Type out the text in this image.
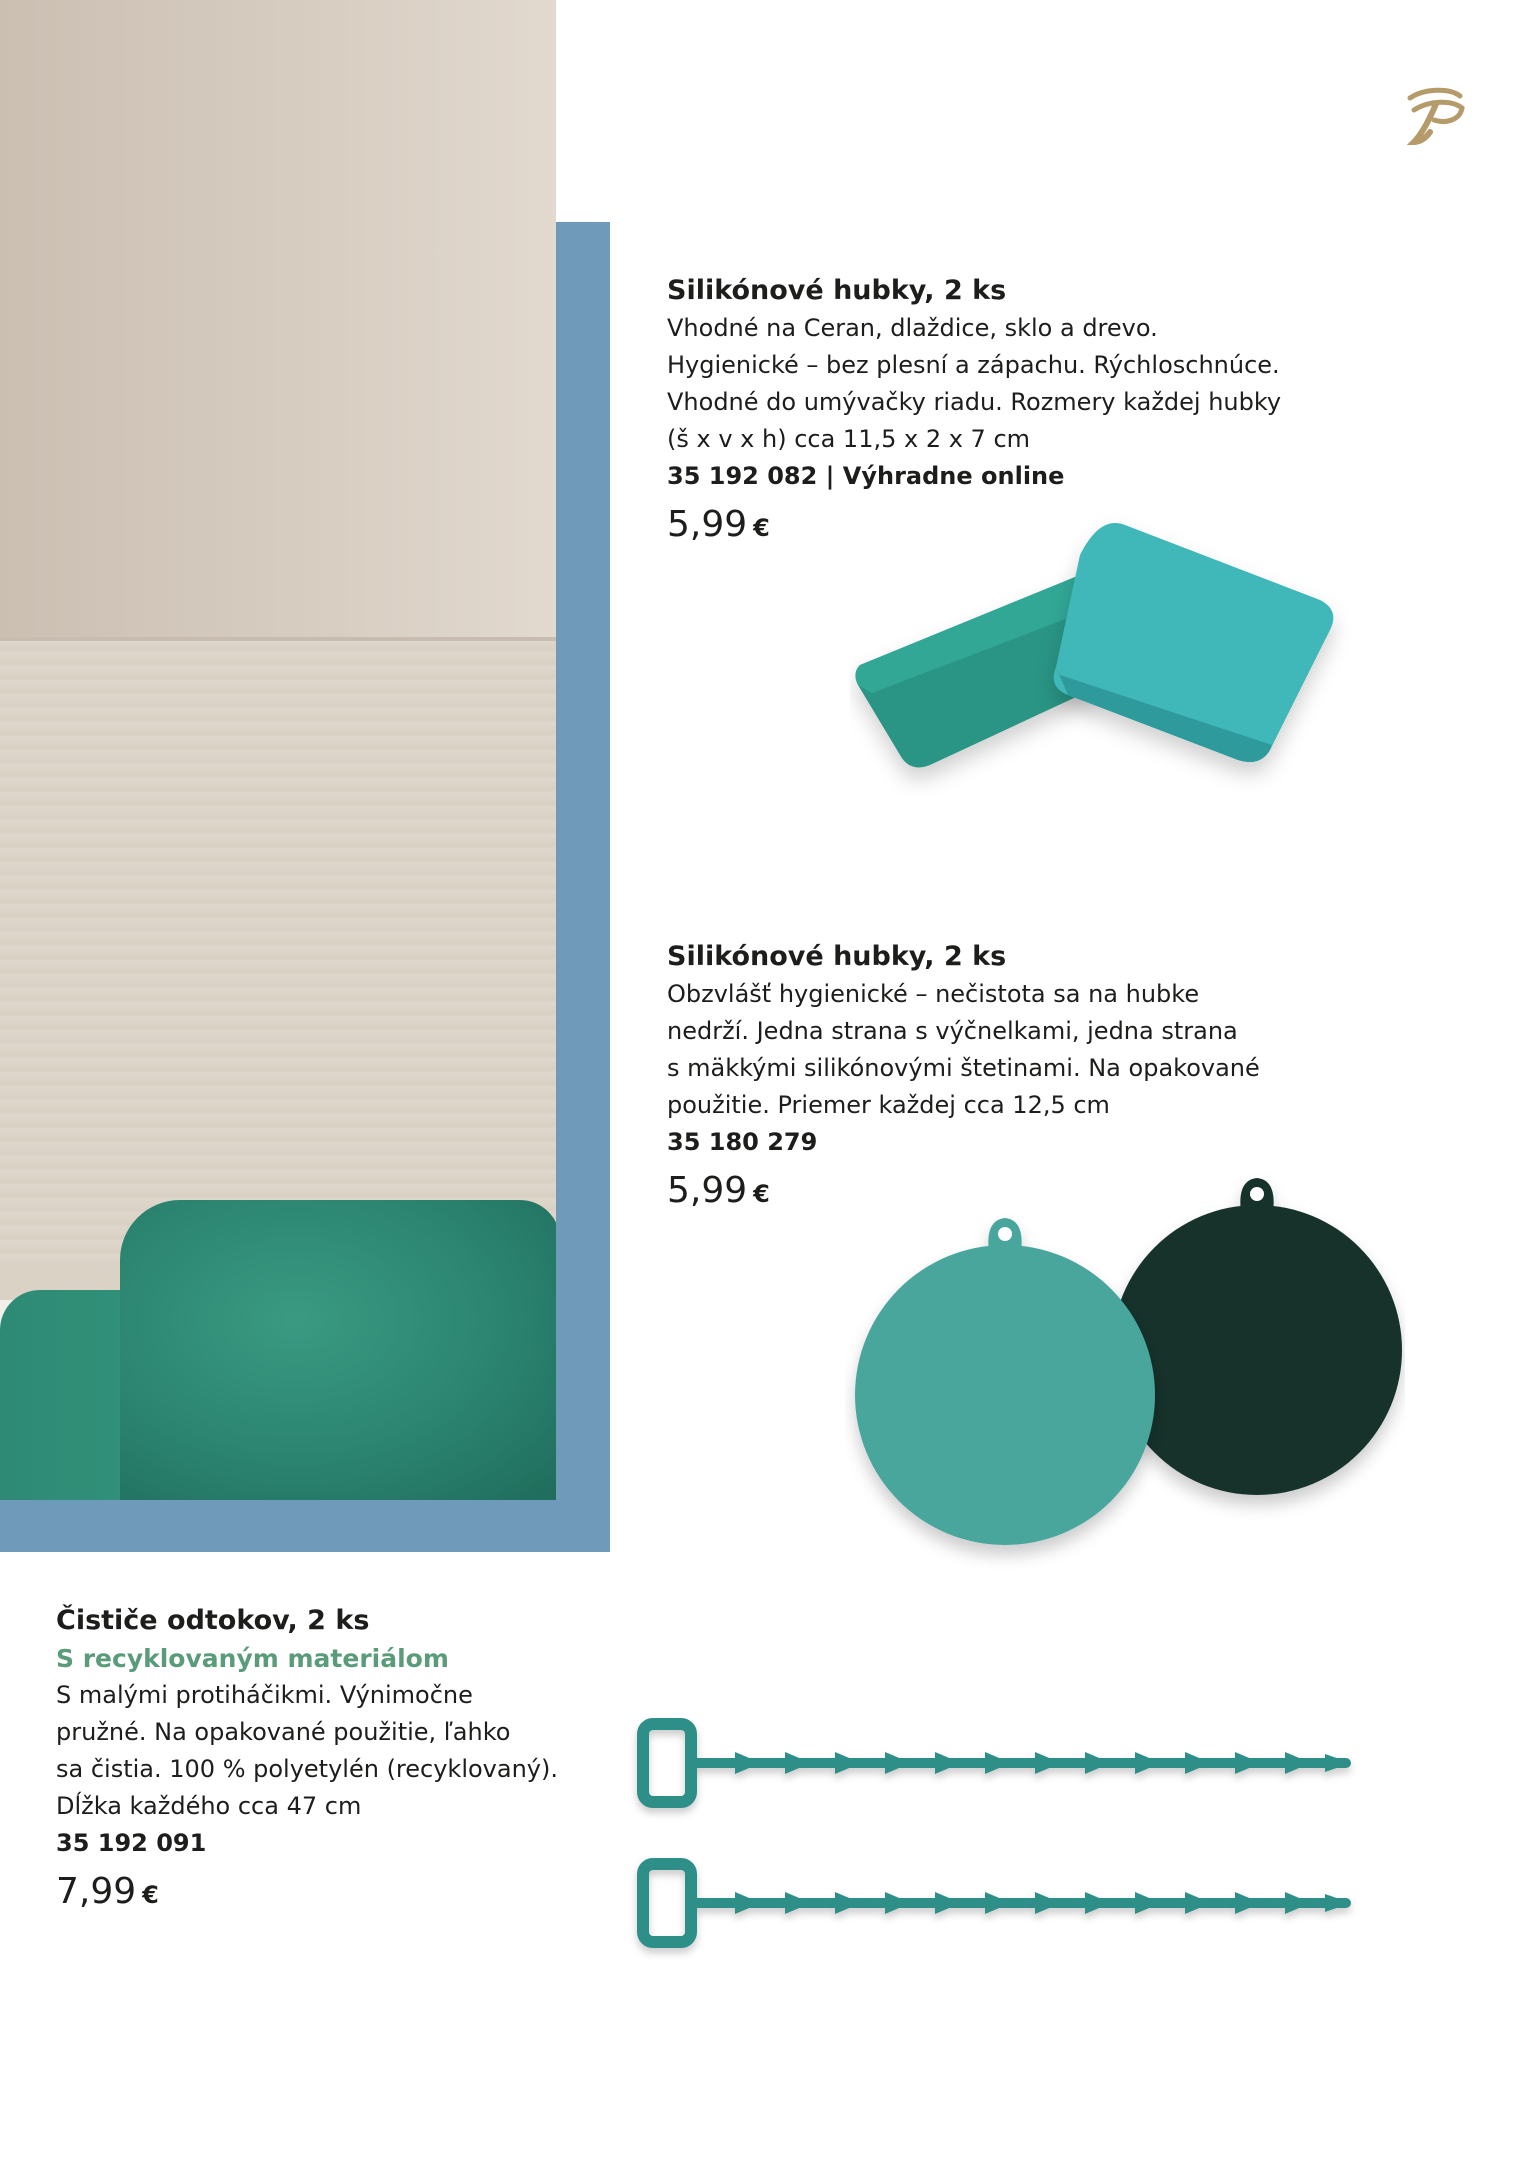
Silikónové hubky, 2 ks
Vhodné na Ceran, dlaždice, sklo a drevo.
Hygienické – bez plesní a zápachu. Rýchloschnúce.
Vhodné do umývačky riadu. Rozmery každej hubky
(š x v x h) cca 11,5 x 2 x 7 cm
35 192 082 | Výhradne online
5,99 €
Silikónové hubky, 2 ks
Obzvlášť hygienické – nečistota sa na hubke
nedrží. Jedna strana s výčnelkami, jedna strana
s mäkkými silikónovými štetinami. Na opakované
použitie. Priemer každej cca 12,5 cm
35 180 279
5,99 €
Čističe odtokov, 2 ks
S recyklovaným materiálom
S malými protiháčikmi. Výnimočne
pružné. Na opakované použitie, ľahko
sa čistia. 100 % polyetylén (recyklovaný).
Dĺžka každého cca 47 cm
35 192 091
7,99 €
